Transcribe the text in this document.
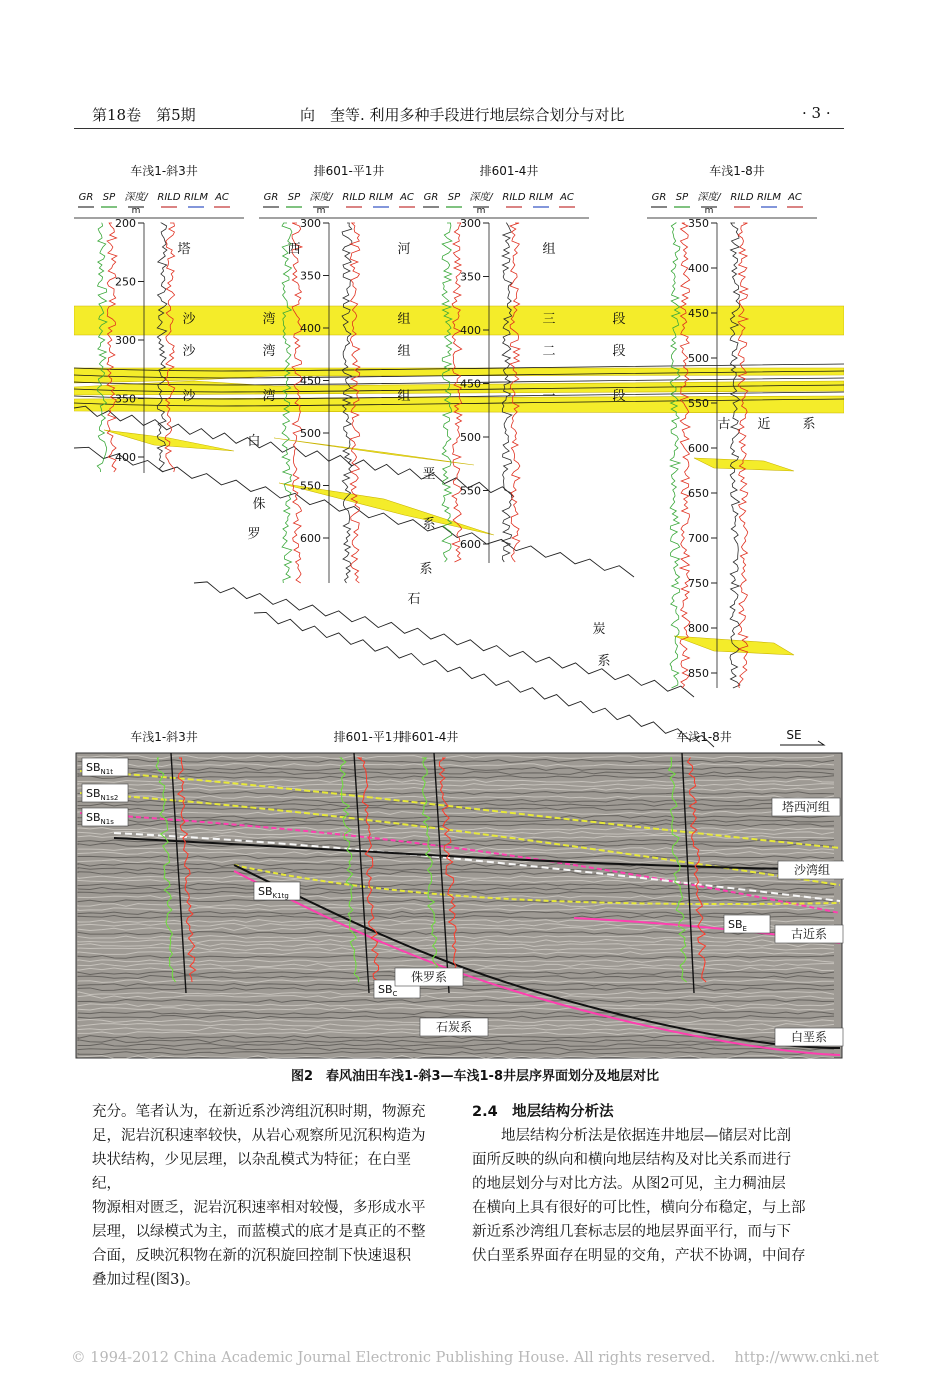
第18卷　第5期	向　奎等. 利用多种手段进行地层综合划分与对比	· 3 ·
车浅1-斜3井
GR SP 深度/ RILD RILM AC
m
排601-平1井
GR SP 深度/ RILD RILM AC
m
排601-4井
GR SP 深度/ RILD RILM AC
m
车浅1-8井
GR SP 深度/ RILD RILM AC
m
200
250
300
350
400
300
350
400
450
500
550
600
300
350
400
450
500
550
600
350
400
450
500
550
600
650
700
750
800
850
塔	西	河	组
沙	湾	组	三	段
沙	湾	组	二	段
沙	湾	组	一	段
古 近 系
白
垩
系
侏
罗
系
石
炭
系
车浅1-斜3井	排601-平1井
排601-4井	车浅1-8井	SE
$SB_{N1t}$
$SB_{N1s2}$
$SB_{N1s}$
$SB_{K1tg}$
$SB_C$
$SB_E$
塔西河组
沙湾组
古近系
侏罗系
石炭系
白垩系
图2　春风油田车浅1-斜3—车浅1-8井层序界面划分及地层对比

充分。笔者认为，在新近系沙湾组沉积时期，物源充

足，泥岩沉积速率较快，从岩心观察所见沉积构造为

块状结构，少见层理，以杂乱模式为特征；在白垩纪，

物源相对匮乏，泥岩沉积速率相对较慢，多形成水平

层理，以绿模式为主，而蓝模式的底才是真正的不整

合面，反映沉积物在新的沉积旋回控制下快速退积

叠加过程(图3)。

2.4　地层结构分析法

　　地层结构分析法是依据连井地层—储层对比剖

面所反映的纵向和横向地层结构及对比关系而进行

的地层划分与对比方法。从图2可见，主力稠油层

在横向上具有很好的可比性，横向分布稳定，与上部

新近系沙湾组几套标志层的地层界面平行，而与下

伏白垩系界面存在明显的交角，产状不协调，中间存

© 1994-2012 China Academic Journal Electronic Publishing House. All rights reserved.　 http://www.cnki.net
